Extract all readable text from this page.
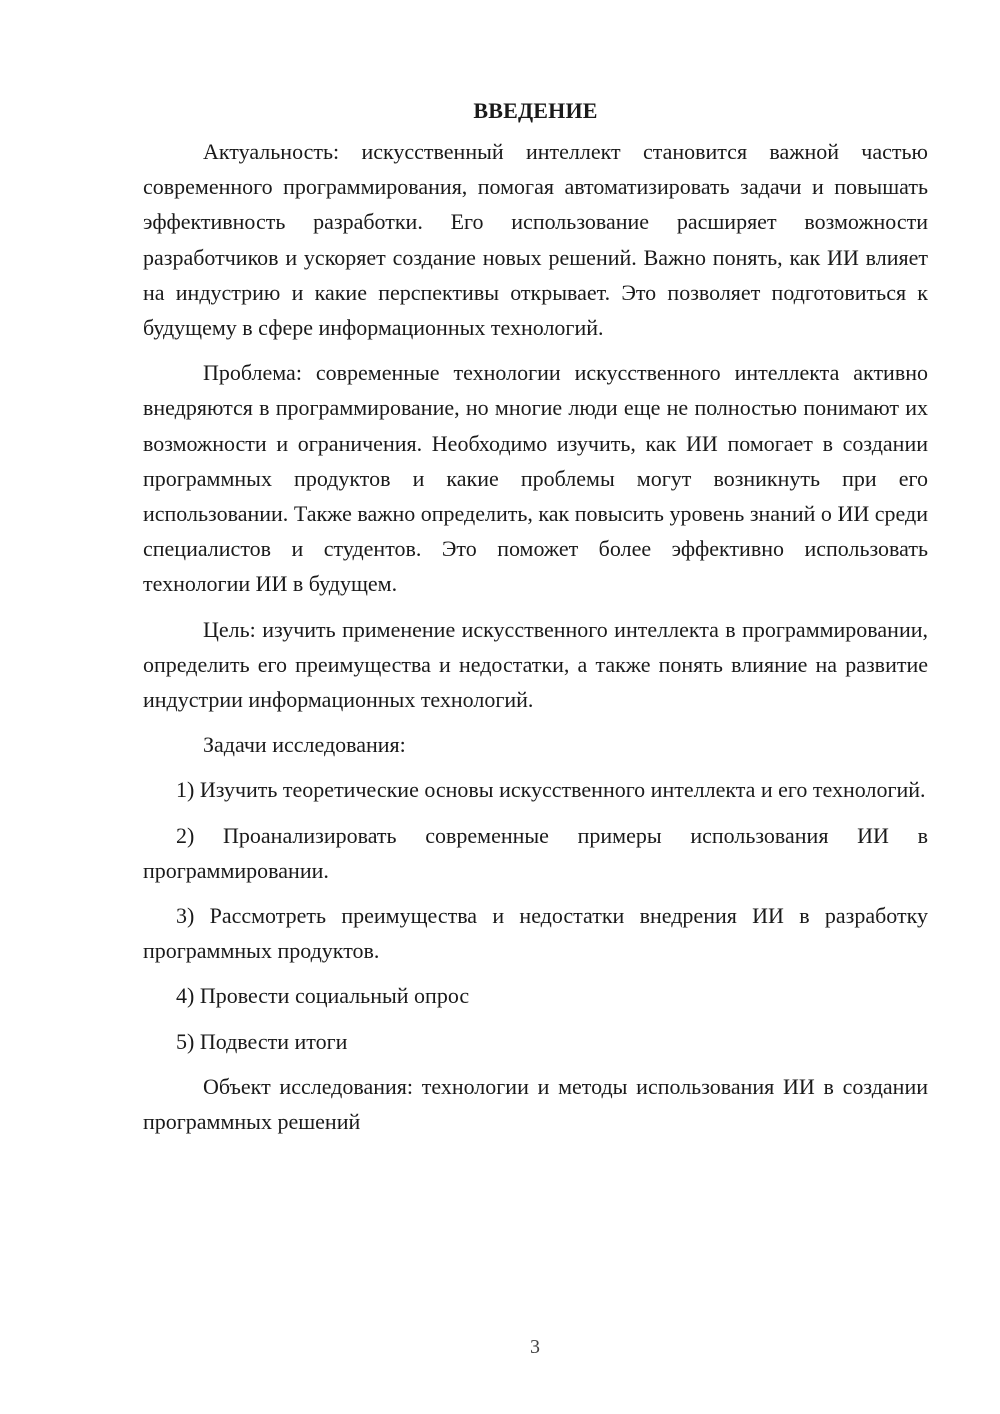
ВВЕДЕНИЕ

Актуальность: искусственный интеллект становится важной частью современного программирования, помогая автоматизировать задачи и повышать эффективность разработки. Его использование расширяет возможности разработчиков и ускоряет создание новых решений. Важно понять, как ИИ влияет на индустрию и какие перспективы открывает. Это позволяет подготовиться к будущему в сфере информационных технологий.

Проблема: современные технологии искусственного интеллекта активно внедряются в программирование, но многие люди еще не полностью понимают их возможности и ограничения. Необходимо изучить, как ИИ помогает в создании программных продуктов и какие проблемы могут возникнуть при его использовании. Также важно определить, как повысить уровень знаний о ИИ среди специалистов и студентов. Это поможет более эффективно использовать технологии ИИ в будущем.

Цель: изучить применение искусственного интеллекта в программировании, определить его преимущества и недостатки, а также понять влияние на развитие индустрии информационных технологий.

Задачи исследования:

1) Изучить теоретические основы искусственного интеллекта и его технологий.

2) Проанализировать современные примеры использования ИИ в программировании.

3) Рассмотреть преимущества и недостатки внедрения ИИ в разработку программных продуктов.

4) Провести социальный опрос

5) Подвести итоги

Объект исследования: технологии и методы использования ИИ в создании программных решений

3
